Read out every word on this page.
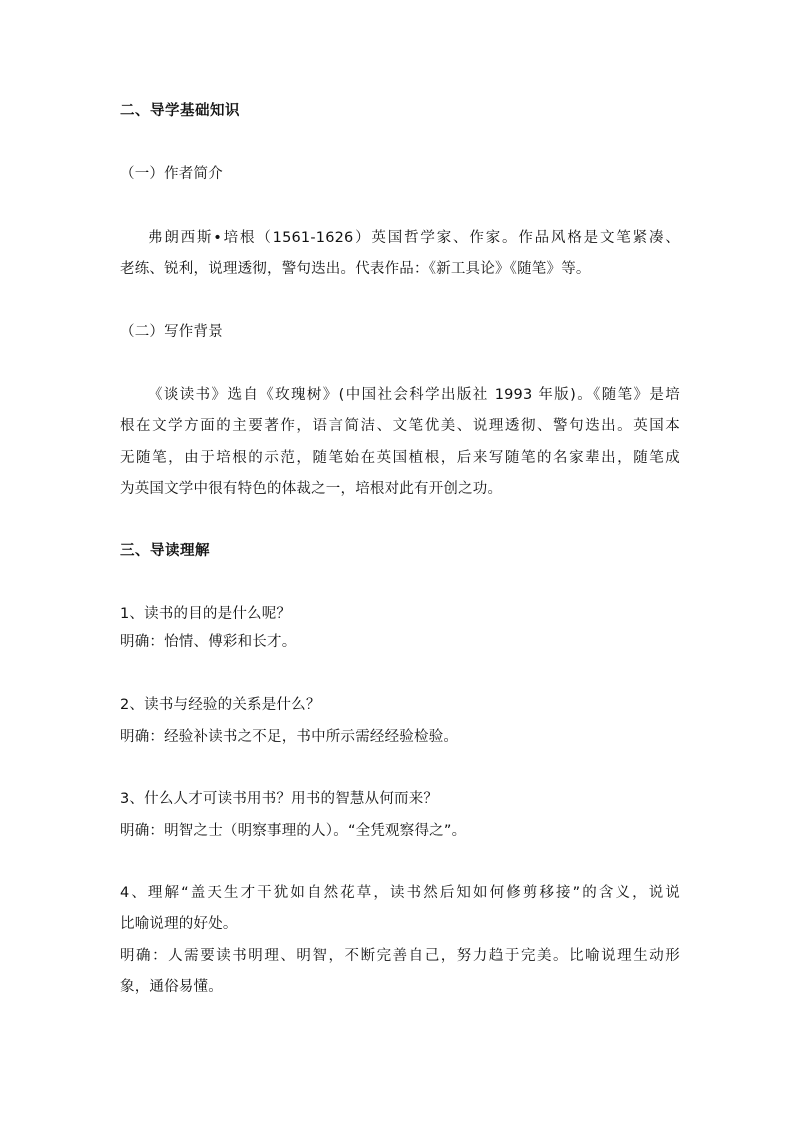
二、导学基础知识
（一）作者简介
弗朗西斯•培根（1561-1626）英国哲学家、作家。作品风格是文笔紧凑、
老练、锐利，说理透彻，警句迭出。代表作品：《新工具论》《随笔》等。
（二）写作背景
《谈读书》选自《玫瑰树》(中国社会科学出版社 1993 年版)。《随笔》是培
根在文学方面的主要著作，语言简洁、文笔优美、说理透彻、警句迭出。英国本
无随笔，由于培根的示范，随笔始在英国植根，后来写随笔的名家辈出，随笔成
为英国文学中很有特色的体裁之一，培根对此有开创之功。
三、导读理解
1、读书的目的是什么呢？
明确：怡情、傅彩和长才。
2、读书与经验的关系是什么？
明确：经验补读书之不足，书中所示需经经验检验。
3、什么人才可读书用书？用书的智慧从何而来？
明确：明智之士（明察事理的人）。“全凭观察得之”。
4、理解“盖天生才干犹如自然花草，读书然后知如何修剪移接”的含义，说说
比喻说理的好处。
明确：人需要读书明理、明智，不断完善自己，努力趋于完美。比喻说理生动形
象，通俗易懂。
